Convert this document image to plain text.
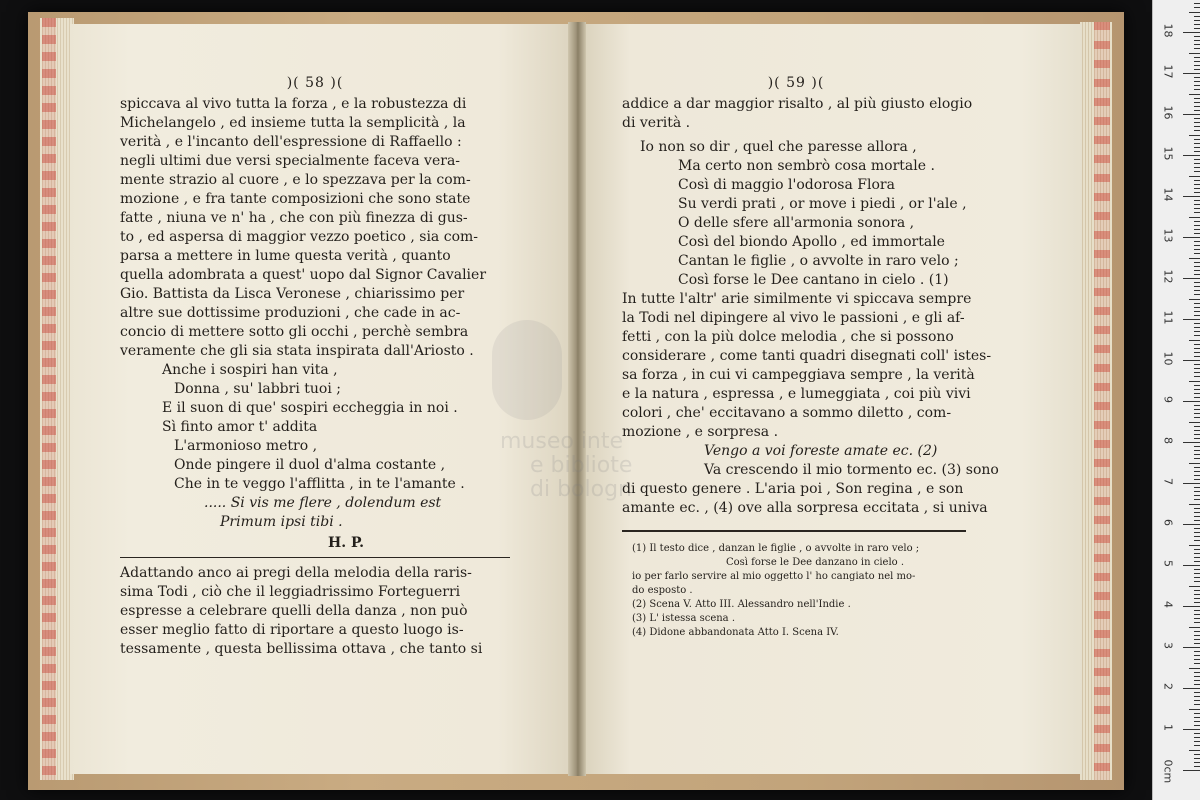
museo inte
e bibliote
di bologn
0cm
1
2
3
4
5
6
7
8
9
10
11
12
13
14
15
16
17
18
)( 58 )(
spiccava al vivo tutta la forza , e la robustezza di
Michelangelo , ed insieme tutta la semplicità , la
verità , e l'incanto dell'espressione di Raffaello :
negli ultimi due versi specialmente faceva vera-
mente strazio al cuore , e lo spezzava per la com-
mozione , e fra tante composizioni che sono state
fatte , niuna ve n' ha , che con più finezza di gus-
to , ed aspersa di maggior vezzo poetico , sia com-
parsa a mettere in lume questa verità , quanto
quella adombrata a quest' uopo dal Signor Cavalier
Gio. Battista da Lisca Veronese , chiarissimo per
altre sue dottissime produzioni , che cade in ac-
concio di mettere sotto gli occhi , perchè sembra
veramente che gli sia stata inspirata dall'Ariosto .
Anche i sospiri han vita ,
Donna , su' labbri tuoi ;
E il suon di que' sospiri eccheggia in noi .
Sì finto amor t' addita
L'armonioso metro ,
Onde pingere il duol d'alma costante ,
Che in te veggo l'afflitta , in te l'amante .
..... Si vis me flere , dolendum est
Primum ipsi tibi .
H. P.
Adattando anco ai pregi della melodia della raris-
sima Todi , ciò che il leggiadrissimo Forteguerri
espresse a celebrare quelli della danza , non può
esser meglio fatto di riportare a questo luogo is-
tessamente , questa bellissima ottava , che tanto si
)( 59 )(
addice a dar maggior risalto , al più giusto elogio
di verità .
Io non so dir , quel che paresse allora ,
Ma certo non sembrò cosa mortale .
Così di maggio l'odorosa Flora
Su verdi prati , or move i piedi , or l'ale ,
O delle sfere all'armonia sonora ,
Così del biondo Apollo , ed immortale
Cantan le figlie , o avvolte in raro velo ;
Così forse le Dee cantano in cielo . (1)
In tutte l'altr' arie similmente vi spiccava sempre
la Todi nel dipingere al vivo le passioni , e gli af-
fetti , con la più dolce melodia , che si possono
considerare , come tanti quadri disegnati coll' istes-
sa forza , in cui vi campeggiava sempre , la verità
e la natura , espressa , e lumeggiata , coi più vivi
colori , che' eccitavano a sommo diletto , com-
mozione , e sorpresa .
Vengo a voi foreste amate ec. (2)
Va crescendo il mio tormento ec. (3) sono
di questo genere . L'aria poi , Son regina , e son
amante ec. , (4) ove alla sorpresa eccitata , si univa
(1) Il testo dice , danzan le figlie , o avvolte in raro velo ;
Così forse le Dee danzano in cielo .
io per farlo servire al mio oggetto l' ho cangiato nel mo-
do esposto .
(2) Scena V. Atto III. Alessandro nell'Indie .
(3) L' istessa scena .
(4) Didone abbandonata Atto I. Scena IV.
